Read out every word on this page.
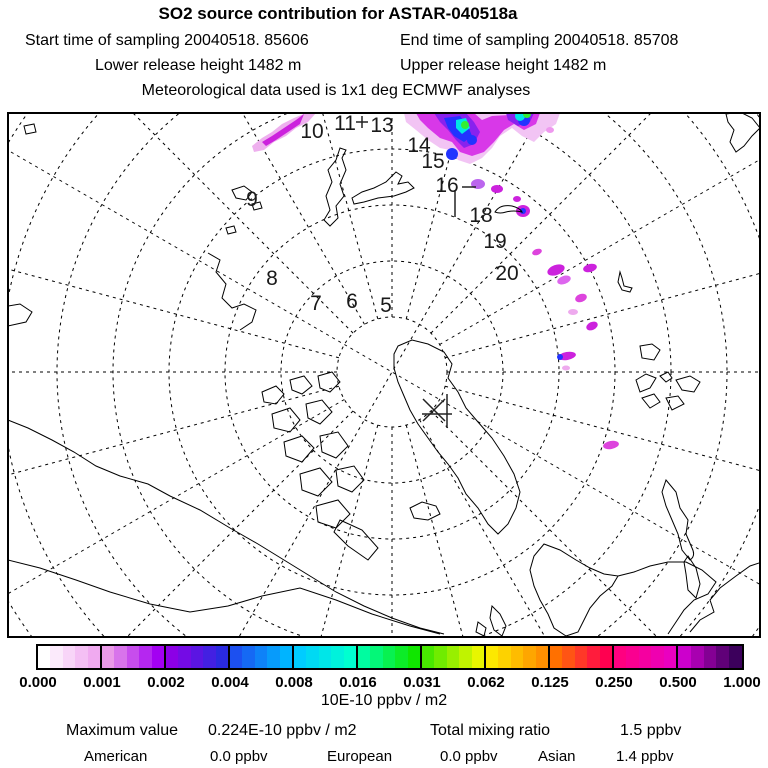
SO2 source contribution for ASTAR-040518a
Start time of sampling 20040518. 85606	End time of sampling 20040518. 85708
Lower release height 1482 m	Upper release height 1482 m
Meteorological data used is 1x1 deg ECMWF analyses
5
6
7
8
9
10 11 13
14
15
16
18
19
20
0.000 0.001 0.002 0.004 0.008 0.016 0.031 0.062 0.125 0.250 0.500 1.000
10E-10 ppbv / m2
Maximum value 0.224E-10 ppbv / m2	Total mixing ratio	1.5 ppbv
American	0.0 ppbv	European	0.0 ppbv	Asian	1.4 ppbv
